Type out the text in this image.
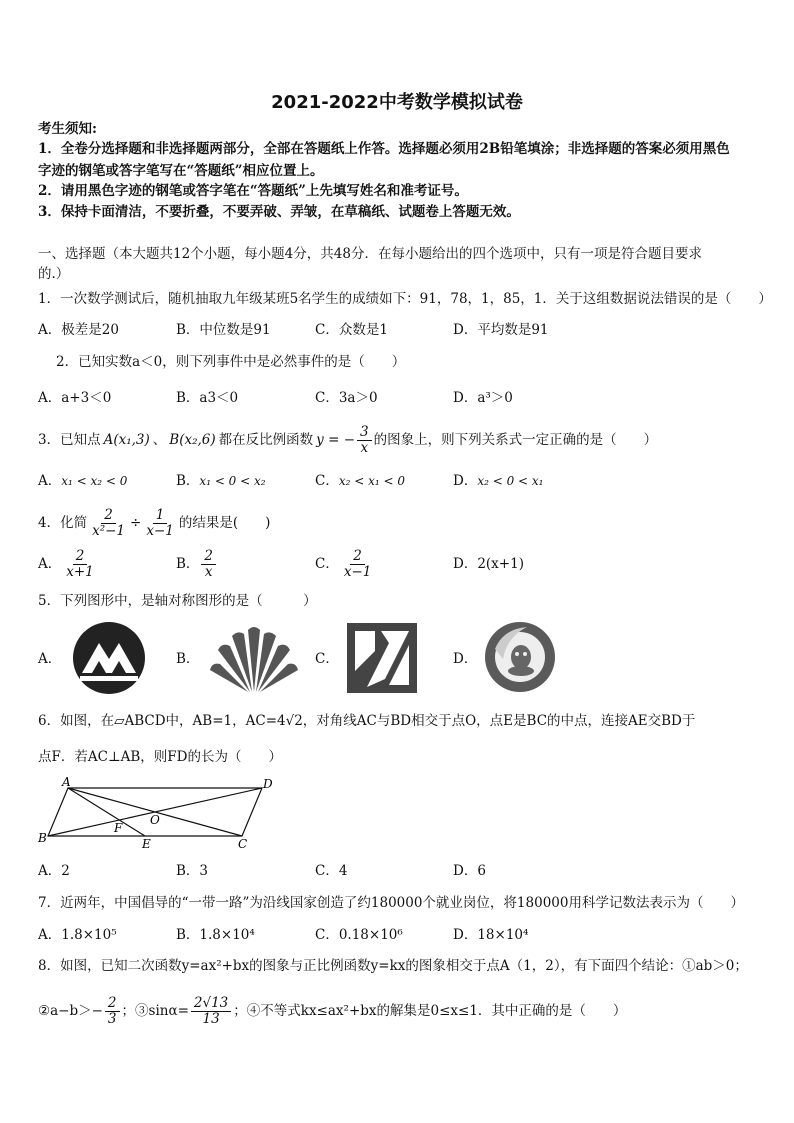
2021-2022中考数学模拟试卷
考生须知:
1．全卷分选择题和非选择题两部分，全部在答题纸上作答。选择题必须用2B铅笔填涂；非选择题的答案必须用黑色
字迹的钢笔或答字笔写在“答题纸”相应位置上。
2．请用黑色字迹的钢笔或答字笔在“答题纸”上先填写姓名和准考证号。
3．保持卡面清洁，不要折叠，不要弄破、弄皱，在草稿纸、试题卷上答题无效。
一、选择题（本大题共12个小题，每小题4分，共48分．在每小题给出的四个选项中，只有一项是符合题目要求
的.）
1．一次数学测试后，随机抽取九年级某班5名学生的成绩如下：91，78，1，85，1．关于这组数据说法错误的是（　　）
A．极差是20	B．中位数是91	C．众数是1	D．平均数是91
2．已知实数a＜0，则下列事件中是必然事件的是（　　）
A．a+3＜0	B．a3＜0	C．3a＞0	D．a³＞0
3．已知点 A(x₁,3) 、 B(x₂,6) 都在反比例函数 y = − $\frac{3}{x}$ 的图象上，则下列关系式一定正确的是（　　）
A．x₁ < x₂ < 0	B．x₁ < 0 < x₂	C．x₂ < x₁ < 0	D．x₂ < 0 < x₁
4．化简 $\frac{2}{\text{x²−1}} \div \frac{1}{x-1}$ 的结果是(　　)
A． $\frac{2}{x+1}$	B． $\frac{2}{x}$	C． $\frac{2}{x-1}$	D．2(x+1)
5．下列图形中，是轴对称图形的是（　　　）
A．	B．	C．	D．
6．如图，在▱ABCD中，AB=1，AC=4√2，对角线AC与BD相交于点O，点E是BC的中点，连接AE交BD于
点F．若AC⊥AB，则FD的长为（　　）
A	D
B	C
E
F
O
A．2	B．3	C．4	D．6
7．近两年，中国倡导的“一带一路”为沿线国家创造了约180000个就业岗位，将180000用科学记数法表示为（　　）
A．1.8×10⁵	B．1.8×10⁴	C．0.18×10⁶	D．18×10⁴
8．如图，已知二次函数y=ax²+bx的图象与正比例函数y=kx的图象相交于点A（1，2），有下面四个结论：①ab＞0；
②a−b＞− $\frac{2}{3}$ ；③sinα= $\frac{2√13}{13}$ ；④不等式kx≤ax²+bx的解集是0≤x≤1．其中正确的是（　　）
